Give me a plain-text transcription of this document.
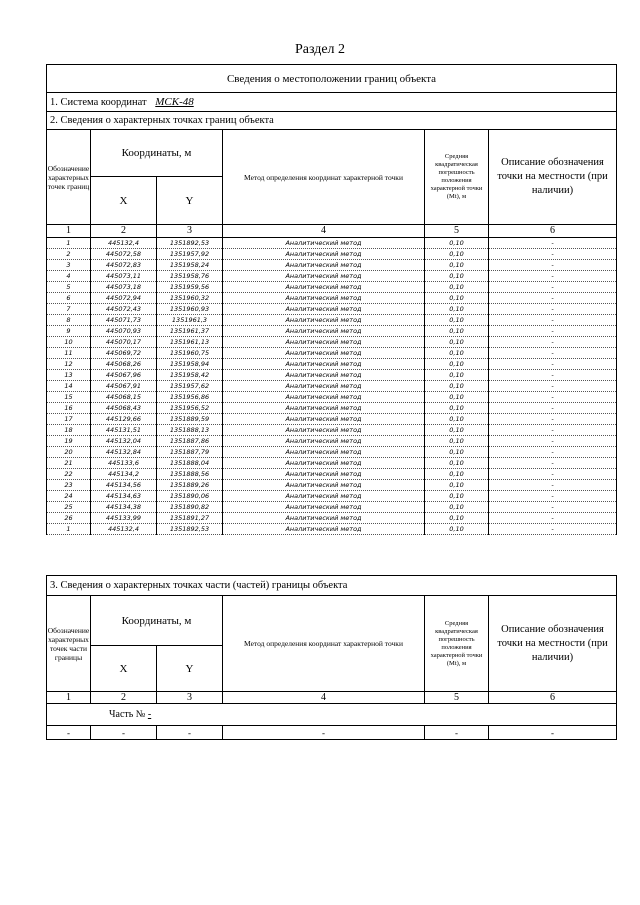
Раздел 2
Сведения о местоположении границ объекта					
1. Система координат МСК-48					
2. Сведения о характерных точках границ объекта					
Обозначение характерных точек границ	Координаты, м		Метод определения координат характерной точки	Средняя квадратическая погрешность положения характерной точки (Mt), м	Описание обозначения точки на местности (при наличии)
	X	Y			
1	2	3	4	5	6
1	445132,4	1351892,53	Аналитический метод	0,10	-
2	445072,58	1351957,92	Аналитический метод	0,10	-
3	445072,83	1351958,24	Аналитический метод	0,10	-
4	445073,11	1351958,76	Аналитический метод	0,10	-
5	445073,18	1351959,56	Аналитический метод	0,10	-
6	445072,94	1351960,32	Аналитический метод	0,10	-
7	445072,43	1351960,93	Аналитический метод	0,10	-
8	445071,73	1351961,3	Аналитический метод	0,10	-
9	445070,93	1351961,37	Аналитический метод	0,10	-
10	445070,17	1351961,13	Аналитический метод	0,10	-
11	445069,72	1351960,75	Аналитический метод	0,10	-
12	445068,26	1351958,94	Аналитический метод	0,10	-
13	445067,96	1351958,42	Аналитический метод	0,10	-
14	445067,91	1351957,62	Аналитический метод	0,10	-
15	445068,15	1351956,86	Аналитический метод	0,10	-
16	445068,43	1351956,52	Аналитический метод	0,10	-
17	445129,66	1351889,59	Аналитический метод	0,10	-
18	445131,51	1351888,13	Аналитический метод	0,10	-
19	445132,04	1351887,86	Аналитический метод	0,10	-
20	445132,84	1351887,79	Аналитический метод	0,10	-
21	445133,6	1351888,04	Аналитический метод	0,10	-
22	445134,2	1351888,56	Аналитический метод	0,10	-
23	445134,56	1351889,26	Аналитический метод	0,10	-
24	445134,63	1351890,06	Аналитический метод	0,10	-
25	445134,38	1351890,82	Аналитический метод	0,10	-
26	445133,99	1351891,27	Аналитический метод	0,10	-
1	445132,4	1351892,53	Аналитический метод	0,10	-
3. Сведения о характерных точках части (частей) границы объекта					
Обозначение характерных точек части границы	Координаты, м		Метод определения координат характерной точки	Средняя квадратическая погрешность положения характерной точки (Mt), м	Описание обозначения точки на местности (при наличии)
	X	Y			
1	2	3	4	5	6
Часть № -					
-	-	-	-	-	-
